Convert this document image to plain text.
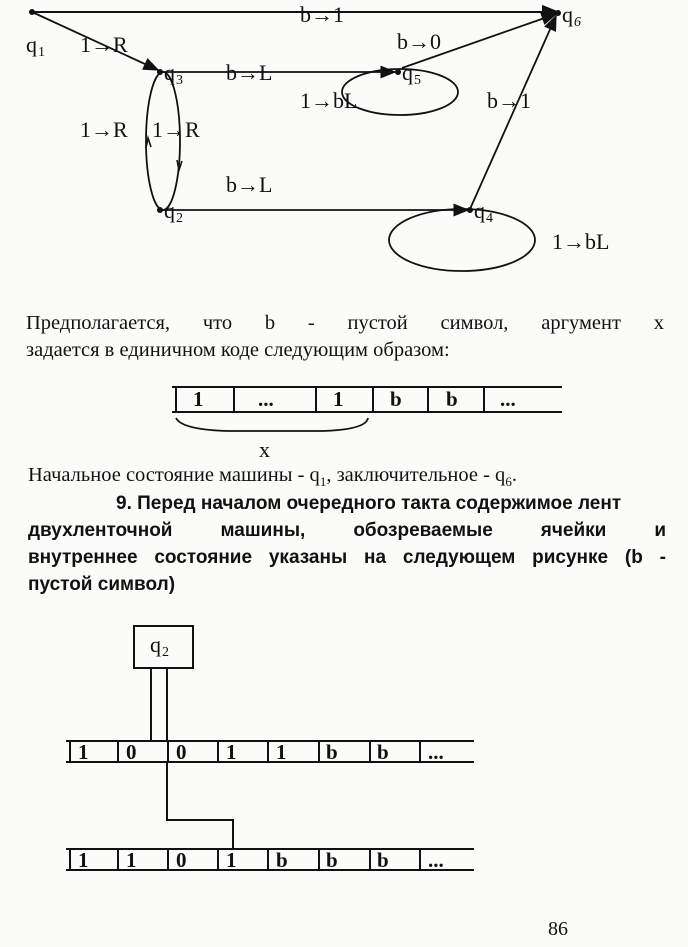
b→1
1→R
b→L
1→bL
b→0
b→1
1→R 1→R
b→L
1→bL
q 1
q 3	q 5
q 6
q 2	q 4
1	...	1 b b ...
x
q 2
1 0 0 1 1 b b ...
1 1 0 1 b b b ...
Предполагается, что b - пустой символ, аргумент x
задается в единичном коде следующим образом:
Начальное состояние машины - $q_1$, заключительное - $q_6$.
9. Перед началом очередного такта содержимое лент
двухленточной машины, обозреваемые ячейки и
внутреннее состояние указаны на следующем рисунке (b -
пустой символ)
86
